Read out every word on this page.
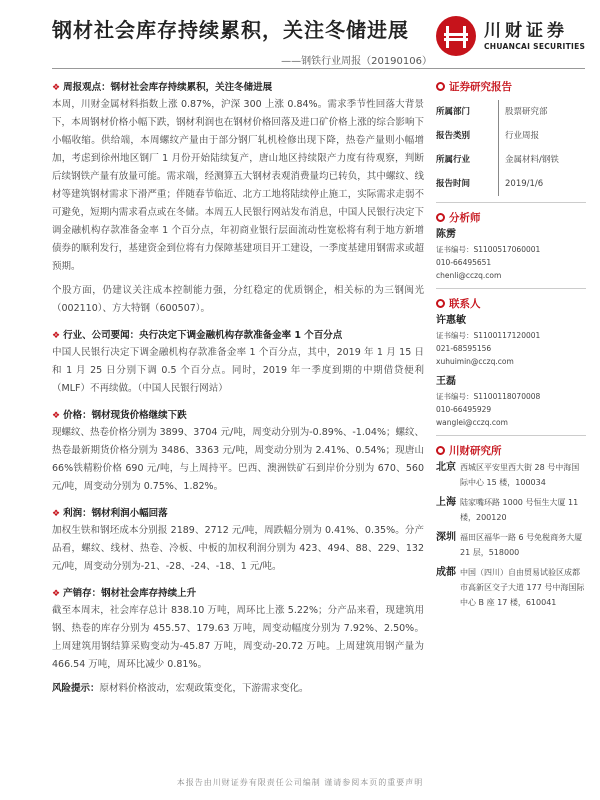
钢材社会库存持续累积，关注冬储进展
——钢铁行业周报（20190106）
川财证券
CHUANCAI SECURITIES
❖ 周报观点：钢材社会库存持续累积，关注冬储进展

本周，川财金属材料指数上涨 0.87%，沪深 300 上涨 0.84%。需求季节性回落大背景下，本周钢材价格小幅下跌，钢材利润也在钢材价格回落及进口矿价格上涨的综合影响下小幅收缩。供给端，本周螺纹产量由于部分钢厂轧机检修出现下降，热卷产量则小幅增加，考虑到徐州地区钢厂 1 月份开始陆续复产，唐山地区持续限产力度有待观察，判断后续钢铁产量有放量可能。需求端，经测算五大钢材表观消费量均已转负，其中螺纹、线材等建筑钢材需求下滑严重；伴随春节临近、北方工地将陆续停止施工，实际需求走弱不可避免，短期内需求看点或在冬储。本周五人民银行网站发布消息，中国人民银行决定下调金融机构存款准备金率 1 个百分点，年初商业银行层面流动性宽松将有利于地方新增债券的顺利发行，基建资金到位将有力保障基建项目开工建设，一季度基建用钢需求或超预期。

个股方面，仍建议关注成本控制能力强，分红稳定的优质钢企，相关标的为三钢闽光（002110）、方大特钢（600507）。

❖ 行业、公司要闻：央行决定下调金融机构存款准备金率 1 个百分点

中国人民银行决定下调金融机构存款准备金率 1 个百分点，其中，2019 年 1 月 15 日和 1 月 25 日分别下调 0.5 个百分点。同时，2019 年一季度到期的中期借贷便利（MLF）不再续做。（中国人民银行网站）

❖ 价格：钢材现货价格继续下跌

现螺纹、热卷价格分别为 3899、3704 元/吨，周变动分别为-0.89%、-1.04%；螺纹、热卷最新期货价格分别为 3486、3363 元/吨，周变动分别为 2.41%、0.54%；现唐山 66%铁精粉价格 690 元/吨，与上周持平。巴西、澳洲铁矿石到岸价分别为 670、560 元/吨，周变动分别为 0.75%、1.82%。

❖ 利润：钢材利润小幅回落

加权生铁和钢坯成本分别报 2189、2712 元/吨，周跌幅分别为 0.41%、0.35%。分产品看，螺纹、线材、热卷、冷板、中板的加权利润分别为 423、494、88、229、132 元/吨，周变动分别为-21、-28、-24、-18、1 元/吨。

❖ 产销存：钢材社会库存持续上升

截至本周末，社会库存总计 838.10 万吨，周环比上涨 5.22%；分产品来看，现建筑用钢、热卷的库存分别为 455.57、179.63 万吨，周变动幅度分别为 7.92%、2.50%。上周建筑用钢结算采购变动为-45.87 万吨，周变动-20.72 万吨。上周建筑用钢产量为 466.54 万吨，周环比减少 0.81%。

风险提示：原材料价格波动，宏观政策变化，下游需求变化。

证券研究报告
所属部门	股票研究部
报告类别	行业周报
所属行业	金属材料/钢铁
报告时间	2019/1/6
分析师

陈雳

证书编号：S1100517060001

010-66495651

chenli@cczq.com

联系人

许惠敏

证书编号：S1100117120001

021-68595156

xuhuimin@cczq.com

王磊

证书编号：S1100118070008

010-66495929

wanglei@cczq.com

川财研究所
北京 西城区平安里西大街 28 号中海国际中心 15 楼，100034
上海 陆家嘴环路 1000 号恒生大厦 11 楼，200120
深圳 福田区福华一路 6 号免税商务大厦 21 层，518000
成都 中国（四川）自由贸易试验区成都市高新区交子大道 177 号中海国际中心 B 座 17 楼，610041
本报告由川财证券有限责任公司编制 谨请参阅本页的重要声明
